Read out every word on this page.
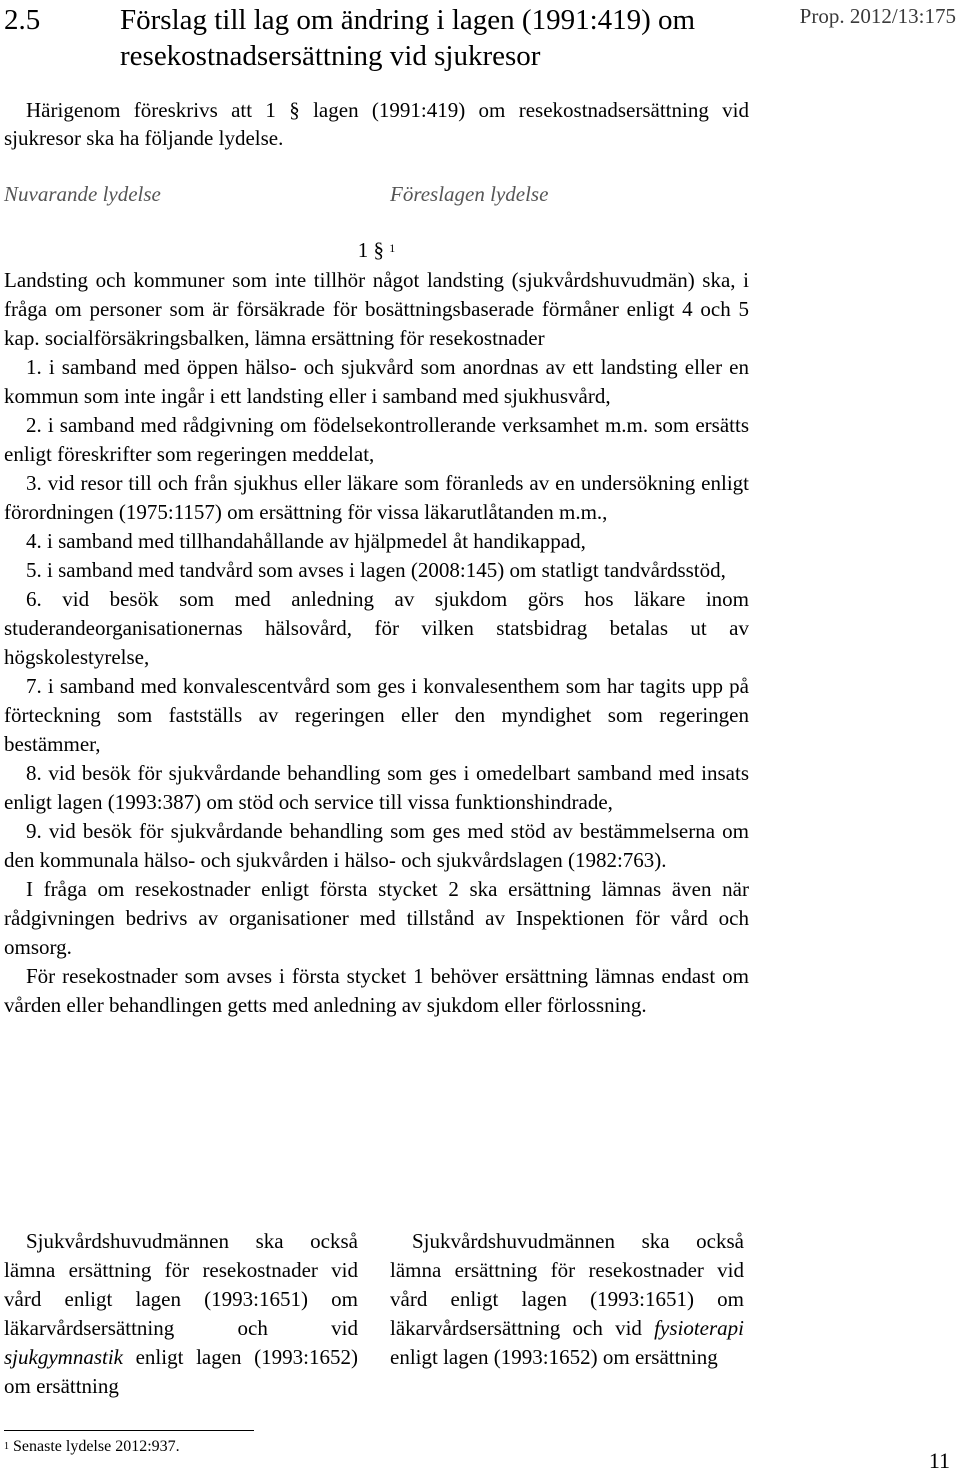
2.5	Förslag till lag om ändring i lagen (1991:419) om resekostnadsersättning vid sjukresor
Prop. 2012/13:175
Härigenom föreskrivs att 1 § lagen (1991:419) om resekostnadsersättning vid sjukresor ska ha följande lydelse.
Nuvarande lydelse	Föreslagen lydelse
1 § $^1$

Landsting och kommuner som inte tillhör något landsting (sjukvårdshuvudmän) ska, i fråga om personer som är försäkrade för bosättningsbaserade förmåner enligt 4 och 5 kap. socialförsäkringsbalken, lämna ersättning för resekostnader

1. i samband med öppen hälso- och sjukvård som anordnas av ett landsting eller en kommun som inte ingår i ett landsting eller i samband med sjukhusvård,

2. i samband med rådgivning om födelsekontrollerande verksamhet m.m. som ersätts enligt föreskrifter som regeringen meddelat,

3. vid resor till och från sjukhus eller läkare som föranleds av en undersökning enligt förordningen (1975:1157) om ersättning för vissa läkarutlåtanden m.m.,

4. i samband med tillhandahållande av hjälpmedel åt handikappad,

5. i samband med tandvård som avses i lagen (2008:145) om statligt tandvårdsstöd,

6. vid besök som med anledning av sjukdom görs hos läkare inom studerandeorganisationernas hälsovård, för vilken statsbidrag betalas ut av högskolestyrelse,

7. i samband med konvalescentvård som ges i konvalesenthem som har tagits upp på förteckning som fastställs av regeringen eller den myndighet som regeringen bestämmer,

8. vid besök för sjukvårdande behandling som ges i omedelbart samband med insats enligt lagen (1993:387) om stöd och service till vissa funktionshindrade,

9. vid besök för sjukvårdande behandling som ges med stöd av bestämmelserna om den kommunala hälso- och sjukvården i hälso- och sjukvårdslagen (1982:763).

I fråga om resekostnader enligt första stycket 2 ska ersättning lämnas även när rådgivningen bedrivs av organisationer med tillstånd av Inspektionen för vård och omsorg.

För resekostnader som avses i första stycket 1 behöver ersättning lämnas endast om vården eller behandlingen getts med anledning av sjukdom eller förlossning.

Sjukvårdshuvudmännen ska också lämna ersättning för resekostnader vid vård enligt lagen (1993:1651) om läkarvårdsersättning och vid sjukgymnastik enligt lagen (1993:1652) om ersättning

Sjukvårdshuvudmännen ska också lämna ersättning för resekostnader vid vård enligt lagen (1993:1651) om läkarvårdsersättning och vid fysioterapi enligt lagen (1993:1652) om ersättning

$^1$ Senaste lydelse 2012:937.
11
